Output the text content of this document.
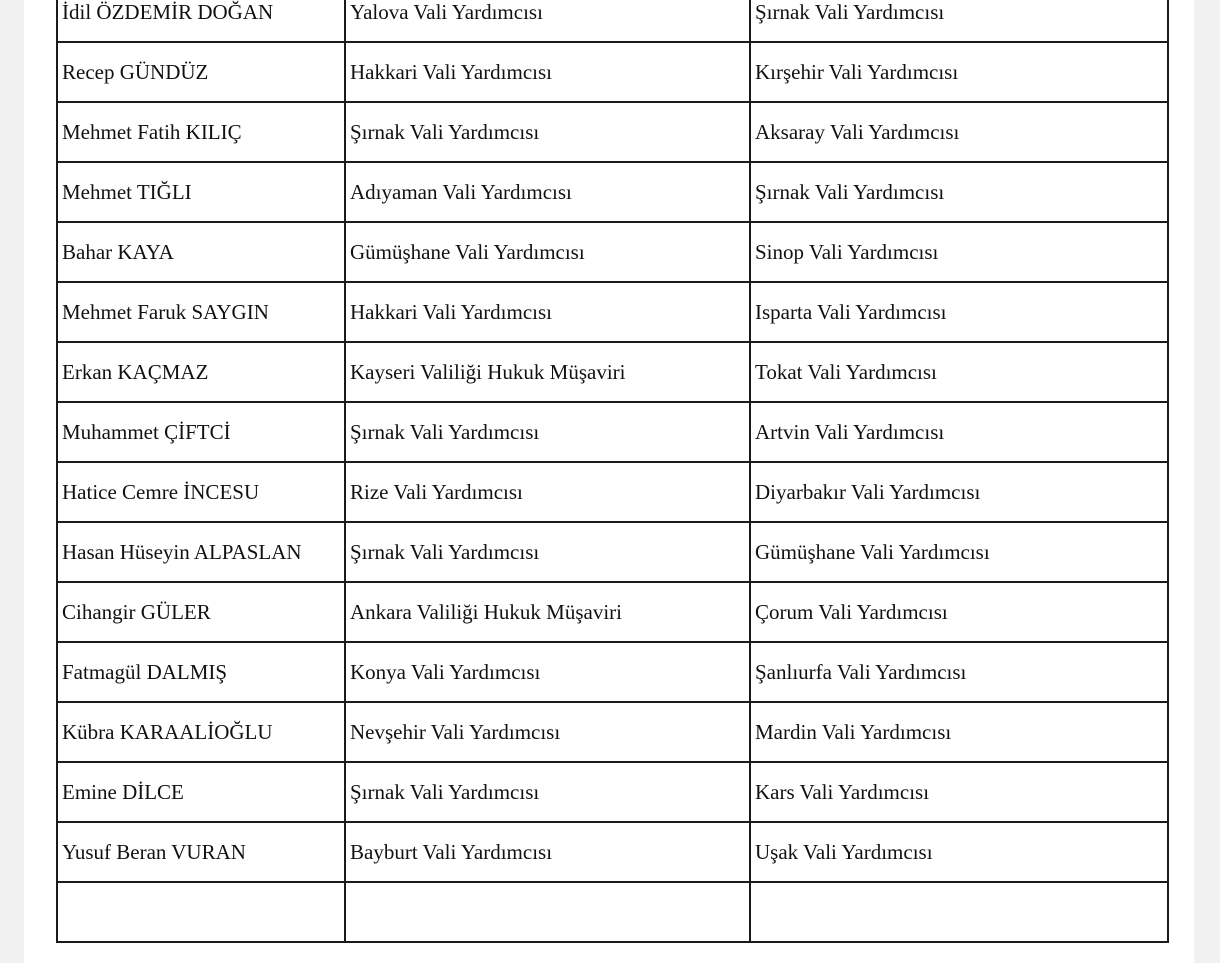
İdil ÖZDEMİR DOĞAN	Yalova Vali Yardımcısı	Şırnak Vali Yardımcısı
Recep GÜNDÜZ	Hakkari Vali Yardımcısı	Kırşehir Vali Yardımcısı
Mehmet Fatih KILIÇ	Şırnak Vali Yardımcısı	Aksaray Vali Yardımcısı
Mehmet TIĞLI	Adıyaman Vali Yardımcısı	Şırnak Vali Yardımcısı
Bahar KAYA	Gümüşhane Vali Yardımcısı	Sinop Vali Yardımcısı
Mehmet Faruk SAYGIN	Hakkari Vali Yardımcısı	Isparta Vali Yardımcısı
Erkan KAÇMAZ	Kayseri Valiliği Hukuk Müşaviri	Tokat Vali Yardımcısı
Muhammet ÇİFTCİ	Şırnak Vali Yardımcısı	Artvin Vali Yardımcısı
Hatice Cemre İNCESU	Rize Vali Yardımcısı	Diyarbakır Vali Yardımcısı
Hasan Hüseyin ALPASLAN	Şırnak Vali Yardımcısı	Gümüşhane Vali Yardımcısı
Cihangir GÜLER	Ankara Valiliği Hukuk Müşaviri	Çorum Vali Yardımcısı
Fatmagül DALMIŞ	Konya Vali Yardımcısı	Şanlıurfa Vali Yardımcısı
Kübra KARAALİOĞLU	Nevşehir Vali Yardımcısı	Mardin Vali Yardımcısı
Emine DİLCE	Şırnak Vali Yardımcısı	Kars Vali Yardımcısı
Yusuf Beran VURAN	Bayburt Vali Yardımcısı	Uşak Vali Yardımcısı
